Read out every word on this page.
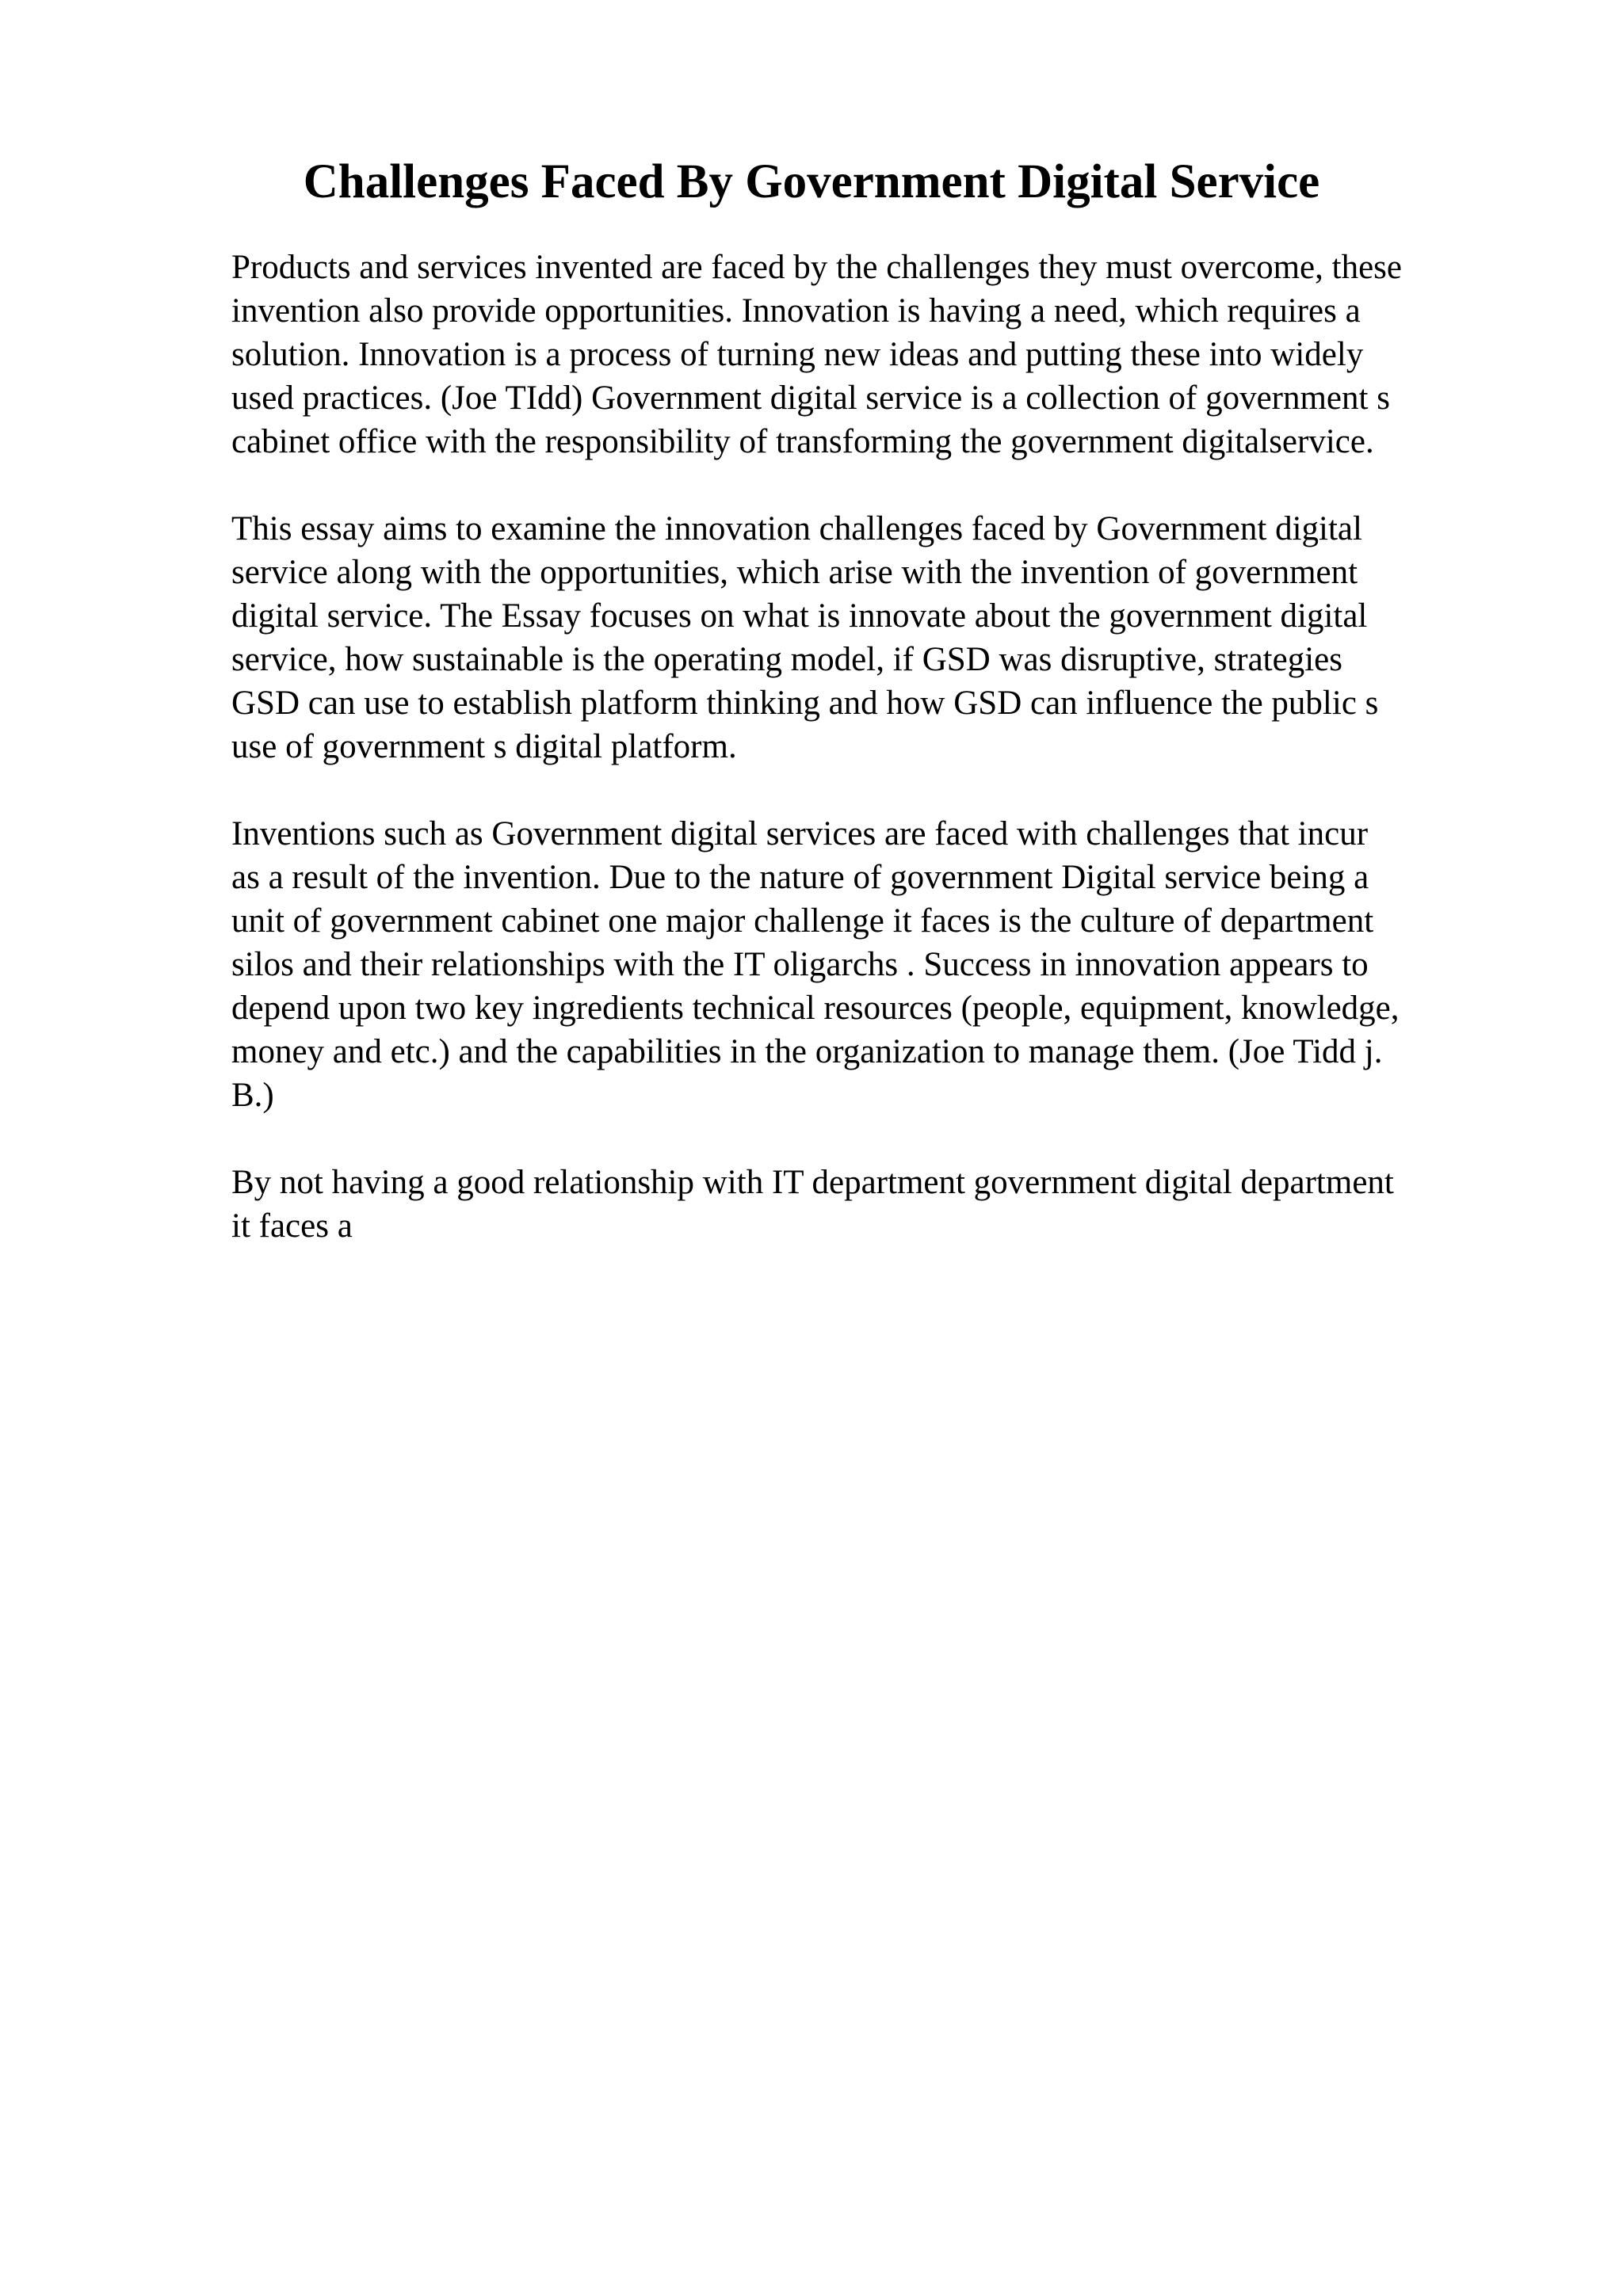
Challenges Faced By Government Digital Service

Products and services invented are faced by the challenges they must overcome, these
invention also provide opportunities. Innovation is having a need, which requires a
solution. Innovation is a process of turning new ideas and putting these into widely
used practices. (Joe TIdd) Government digital service is a collection of government s
cabinet office with the responsibility of transforming the government digitalservice.

This essay aims to examine the innovation challenges faced by Government digital
service along with the opportunities, which arise with the invention of government
digital service. The Essay focuses on what is innovate about the government digital
service, how sustainable is the operating model, if GSD was disruptive, strategies
GSD can use to establish platform thinking and how GSD can influence the public s
use of government s digital platform.

Inventions such as Government digital services are faced with challenges that incur
as a result of the invention. Due to the nature of government Digital service being a
unit of government cabinet one major challenge it faces is the culture of department
silos and their relationships with the IT oligarchs . Success in innovation appears to
depend upon two key ingredients technical resources (people, equipment, knowledge,
money and etc.) and the capabilities in the organization to manage them. (Joe Tidd j.
B.)

By not having a good relationship with IT department government digital department
it faces a
